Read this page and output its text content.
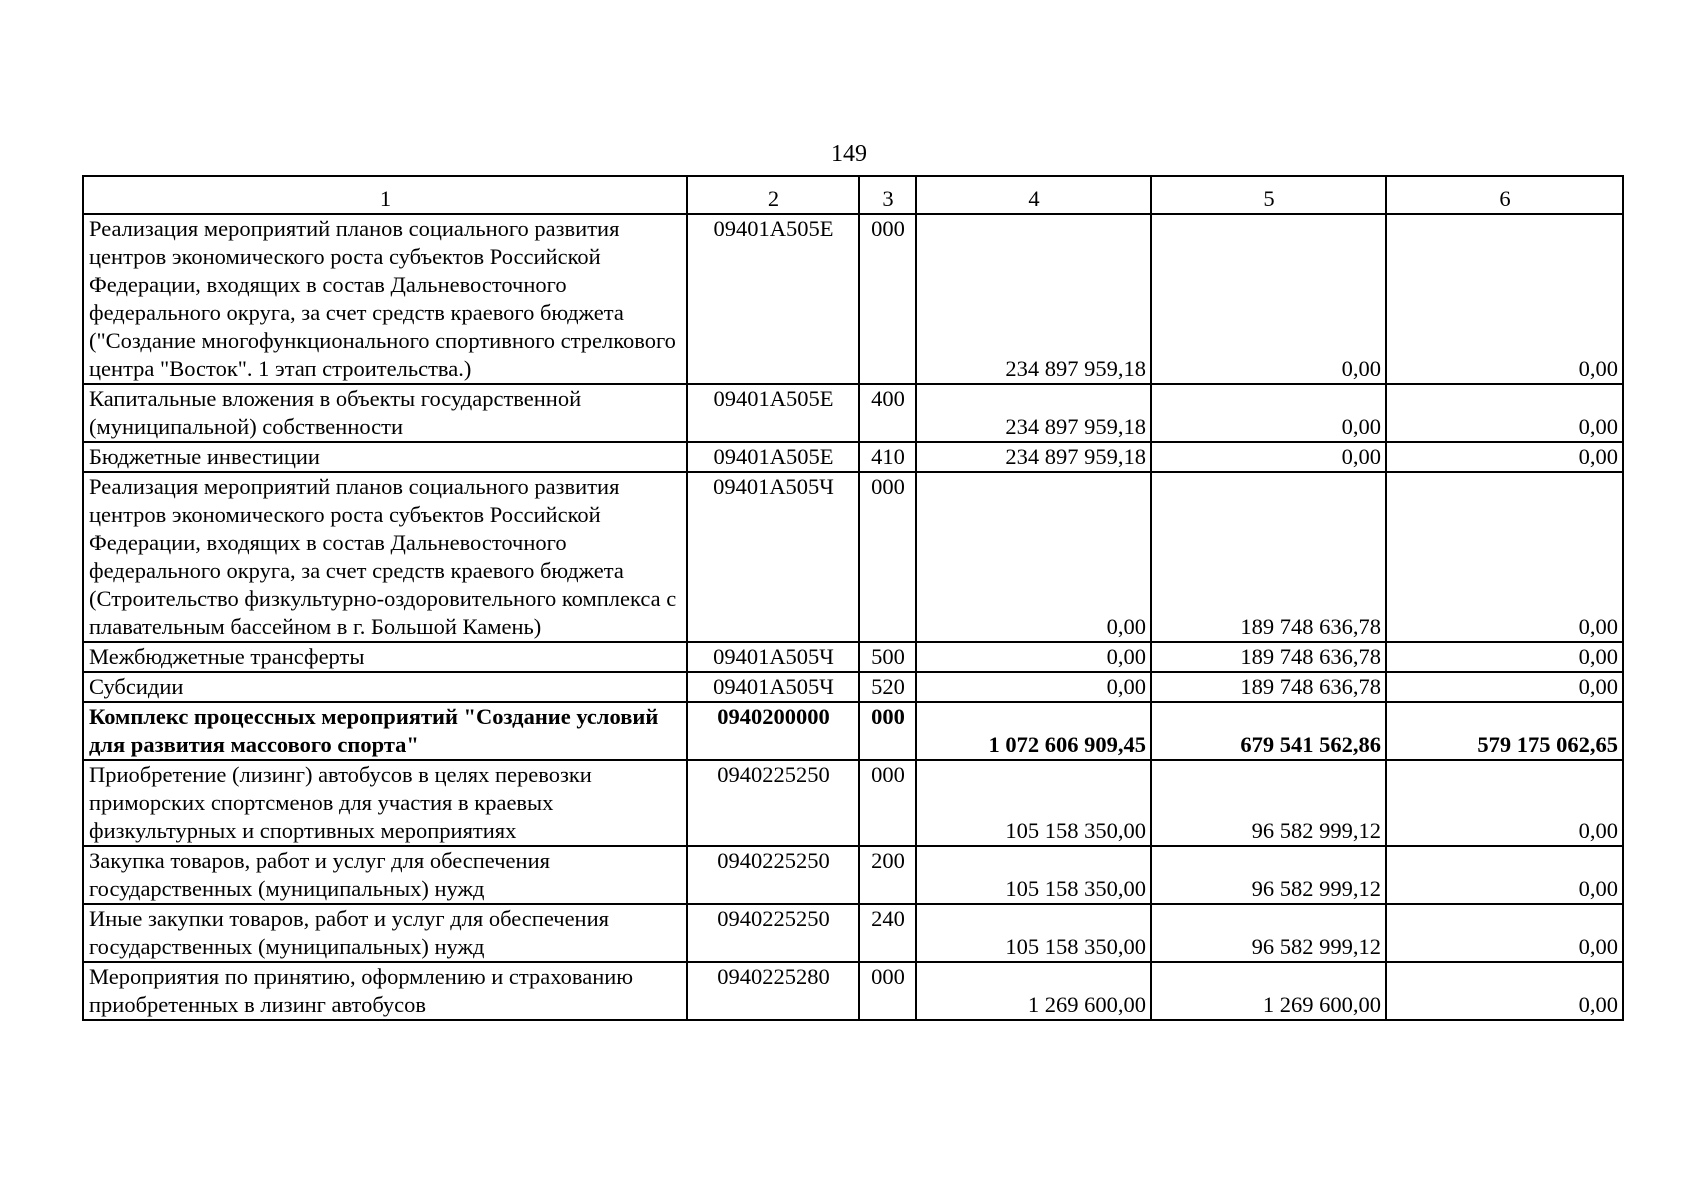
149
1	2	3	4	5	6
Реализация мероприятий планов социального развития центров экономического роста субъектов Российской Федерации, входящих в состав Дальневосточного федерального округа, за счет средств краевого бюджета ("Создание многофункционального спортивного стрелкового центра "Восток". 1 этап строительства.)	09401A505E	000	234 897 959,18	0,00	0,00
Капитальные вложения в объекты государственной (муниципальной) собственности	09401A505E	400	234 897 959,18	0,00	0,00
Бюджетные инвестиции	09401A505E	410	234 897 959,18	0,00	0,00
Реализация мероприятий планов социального развития центров экономического роста субъектов Российской Федерации, входящих в состав Дальневосточного федерального округа, за счет средств краевого бюджета (Строительство физкультурно-оздоровительного комплекса с плавательным бассейном в г. Большой Камень)	09401A505Ч	000	0,00	189 748 636,78	0,00
Межбюджетные трансферты	09401A505Ч	500	0,00	189 748 636,78	0,00
Субсидии	09401A505Ч	520	0,00	189 748 636,78	0,00
Комплекс процессных мероприятий "Создание условий для развития массового спорта"	0940200000	000	1 072 606 909,45	679 541 562,86	579 175 062,65
Приобретение (лизинг) автобусов в целях перевозки приморских спортсменов для участия в краевых физкультурных и спортивных мероприятиях	0940225250	000	105 158 350,00	96 582 999,12	0,00
Закупка товаров, работ и услуг для обеспечения государственных (муниципальных) нужд	0940225250	200	105 158 350,00	96 582 999,12	0,00
Иные закупки товаров, работ и услуг для обеспечения государственных (муниципальных) нужд	0940225250	240	105 158 350,00	96 582 999,12	0,00
Мероприятия по принятию, оформлению и страхованию приобретенных в лизинг автобусов	0940225280	000	1 269 600,00	1 269 600,00	0,00
